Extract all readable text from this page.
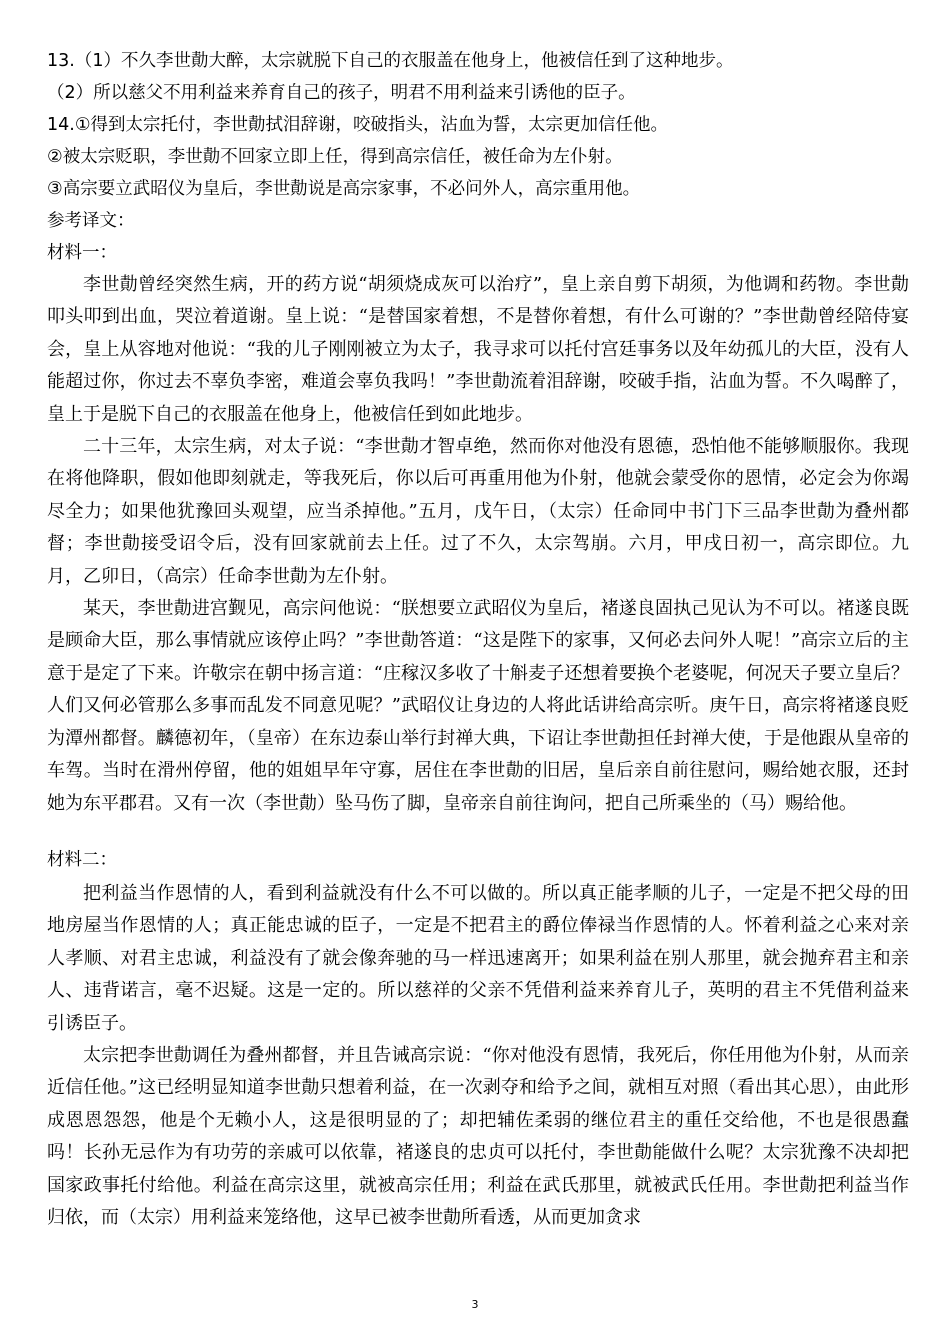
13.（1）不久李世勣大醉，太宗就脱下自己的衣服盖在他身上，他被信任到了这种地步。
（2）所以慈父不用利益来养育自己的孩子，明君不用利益来引诱他的臣子。
14.①得到太宗托付，李世勣拭泪辞谢，咬破指头，沾血为誓，太宗更加信任他。
②被太宗贬职，李世勣不回家立即上任，得到高宗信任，被任命为左仆射。
③高宗要立武昭仪为皇后，李世勣说是高宗家事，不必问外人，高宗重用他。
参考译文：
材料一：

李世勣曾经突然生病，开的药方说“胡须烧成灰可以治疗”，皇上亲自剪下胡须，为他调和药物。李世勣叩头叩到出血，哭泣着道谢。皇上说：“是替国家着想，不是替你着想，有什么可谢的？”李世勣曾经陪侍宴会，皇上从容地对他说：“我的儿子刚刚被立为太子，我寻求可以托付宫廷事务以及年幼孤儿的大臣，没有人能超过你，你过去不辜负李密，难道会辜负我吗！”李世勣流着泪辞谢，咬破手指，沾血为誓。不久喝醉了，皇上于是脱下自己的衣服盖在他身上，他被信任到如此地步。

二十三年，太宗生病，对太子说：“李世勣才智卓绝，然而你对他没有恩德，恐怕他不能够顺服你。我现在将他降职，假如他即刻就走，等我死后，你以后可再重用他为仆射，他就会蒙受你的恩情，必定会为你竭尽全力；如果他犹豫回头观望，应当杀掉他。”五月，戊午日，（太宗）任命同中书门下三品李世勣为叠州都督；李世勣接受诏令后，没有回家就前去上任。过了不久，太宗驾崩。六月，甲戌日初一，高宗即位。九月，乙卯日，（高宗）任命李世勣为左仆射。

某天，李世勣进宫觐见，高宗问他说：“朕想要立武昭仪为皇后，褚遂良固执己见认为不可以。褚遂良既是顾命大臣，那么事情就应该停止吗？”李世勣答道：“这是陛下的家事，又何必去问外人呢！”高宗立后的主意于是定了下来。许敬宗在朝中扬言道：“庄稼汉多收了十斛麦子还想着要换个老婆呢，何况天子要立皇后？人们又何必管那么多事而乱发不同意见呢？”武昭仪让身边的人将此话讲给高宗听。庚午日，高宗将褚遂良贬为潭州都督。麟德初年，（皇帝）在东边泰山举行封禅大典，下诏让李世勣担任封禅大使，于是他跟从皇帝的车驾。当时在滑州停留，他的姐姐早年守寡，居住在李世勣的旧居，皇后亲自前往慰问，赐给她衣服，还封她为东平郡君。又有一次（李世勣）坠马伤了脚，皇帝亲自前往询问，把自己所乘坐的（马）赐给他。

材料二：

把利益当作恩情的人，看到利益就没有什么不可以做的。所以真正能孝顺的儿子，一定是不把父母的田地房屋当作恩情的人；真正能忠诚的臣子，一定是不把君主的爵位俸禄当作恩情的人。怀着利益之心来对亲人孝顺、对君主忠诚，利益没有了就会像奔驰的马一样迅速离开；如果利益在别人那里，就会抛弃君主和亲人、违背诺言，毫不迟疑。这是一定的。所以慈祥的父亲不凭借利益来养育儿子，英明的君主不凭借利益来引诱臣子。

太宗把李世勣调任为叠州都督，并且告诫高宗说：“你对他没有恩情，我死后，你任用他为仆射，从而亲近信任他。”这已经明显知道李世勣只想着利益，在一次剥夺和给予之间，就相互对照（看出其心思），由此形成恩恩怨怨，他是个无赖小人，这是很明显的了；却把辅佐柔弱的继位君主的重任交给他，不也是很愚蠢吗！长孙无忌作为有功劳的亲戚可以依靠，褚遂良的忠贞可以托付，李世勣能做什么呢？太宗犹豫不决却把国家政事托付给他。利益在高宗这里，就被高宗任用；利益在武氏那里，就被武氏任用。李世勣把利益当作归依，而（太宗）用利益来笼络他，这早已被李世勣所看透，从而更加贪求

3
